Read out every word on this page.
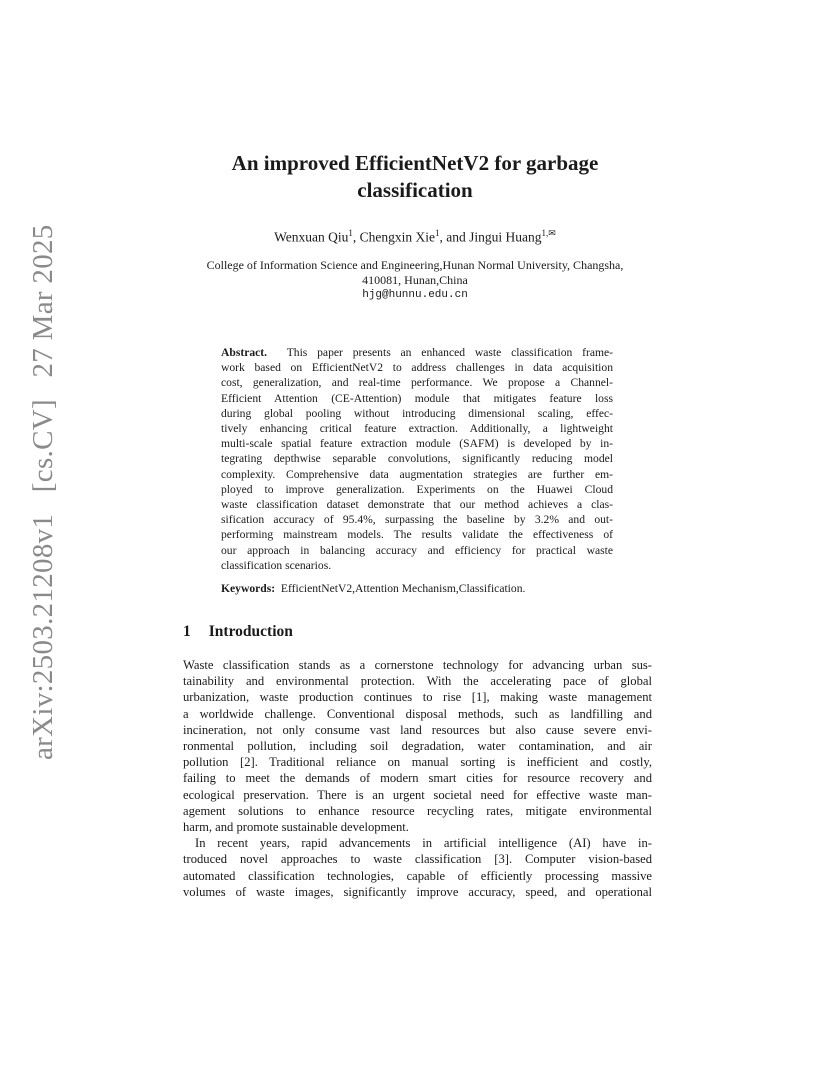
arXiv:2503.21208v1 [cs.CV] 27 Mar 2025
An improved EfficientNetV2 for garbage
classification
Wenxuan Qiu$^1$, Chengxin Xie$^1$, and Jingui Huang$^{1,✉}$
College of Information Science and Engineering,Hunan Normal University, Changsha,
410081, Hunan,China
hjg@hunnu.edu.cn
Abstract. This paper presents an enhanced waste classification frame-
work based on EfficientNetV2 to address challenges in data acquisition
cost, generalization, and real-time performance. We propose a Channel-
Efficient Attention (CE-Attention) module that mitigates feature loss
during global pooling without introducing dimensional scaling, effec-
tively enhancing critical feature extraction. Additionally, a lightweight
multi-scale spatial feature extraction module (SAFM) is developed by in-
tegrating depthwise separable convolutions, significantly reducing model
complexity. Comprehensive data augmentation strategies are further em-
ployed to improve generalization. Experiments on the Huawei Cloud
waste classification dataset demonstrate that our method achieves a clas-
sification accuracy of 95.4%, surpassing the baseline by 3.2% and out-
performing mainstream models. The results validate the effectiveness of
our approach in balancing accuracy and efficiency for practical waste
classification scenarios.
Keywords: EfficientNetV2,Attention Mechanism,Classification.
1 Introduction
Waste classification stands as a cornerstone technology for advancing urban sus-
tainability and environmental protection. With the accelerating pace of global
urbanization, waste production continues to rise [1], making waste management
a worldwide challenge. Conventional disposal methods, such as landfilling and
incineration, not only consume vast land resources but also cause severe envi-
ronmental pollution, including soil degradation, water contamination, and air
pollution [2]. Traditional reliance on manual sorting is inefficient and costly,
failing to meet the demands of modern smart cities for resource recovery and
ecological preservation. There is an urgent societal need for effective waste man-
agement solutions to enhance resource recycling rates, mitigate environmental
harm, and promote sustainable development.
In recent years, rapid advancements in artificial intelligence (AI) have in-
troduced novel approaches to waste classification [3]. Computer vision-based
automated classification technologies, capable of efficiently processing massive
volumes of waste images, significantly improve accuracy, speed, and operational
